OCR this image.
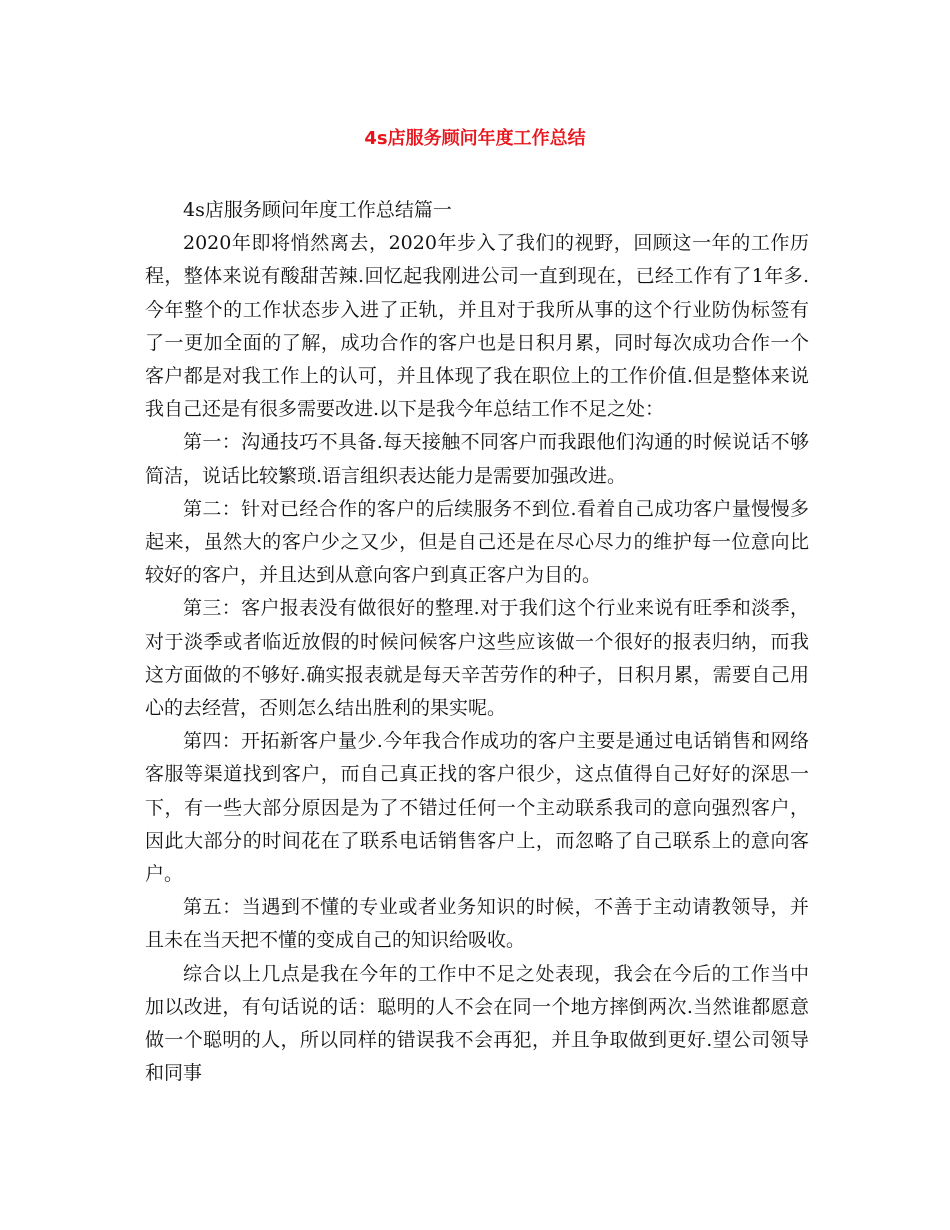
4s店服务顾问年度工作总结

4s店服务顾问年度工作总结篇一

2020年即将悄然离去，2020年步入了我们的视野，回顾这一年的工作历程，整体来说有酸甜苦辣.回忆起我刚进公司一直到现在，已经工作有了1年多.今年整个的工作状态步入进了正轨，并且对于我所从事的这个行业防伪标签有了一更加全面的了解，成功合作的客户也是日积月累，同时每次成功合作一个客户都是对我工作上的认可，并且体现了我在职位上的工作价值.但是整体来说我自己还是有很多需要改进.以下是我今年总结工作不足之处：

第一：沟通技巧不具备.每天接触不同客户而我跟他们沟通的时候说话不够简洁，说话比较繁琐.语言组织表达能力是需要加强改进。

第二：针对已经合作的客户的后续服务不到位.看着自己成功客户量慢慢多起来，虽然大的客户少之又少，但是自己还是在尽心尽力的维护每一位意向比较好的客户，并且达到从意向客户到真正客户为目的。

第三：客户报表没有做很好的整理.对于我们这个行业来说有旺季和淡季，对于淡季或者临近放假的时候问候客户这些应该做一个很好的报表归纳，而我这方面做的不够好.确实报表就是每天辛苦劳作的种子，日积月累，需要自己用心的去经营，否则怎么结出胜利的果实呢。

第四：开拓新客户量少.今年我合作成功的客户主要是通过电话销售和网络客服等渠道找到客户，而自己真正找的客户很少，这点值得自己好好的深思一下，有一些大部分原因是为了不错过任何一个主动联系我司的意向强烈客户，因此大部分的时间花在了联系电话销售客户上，而忽略了自己联系上的意向客户。

第五：当遇到不懂的专业或者业务知识的时候，不善于主动请教领导，并且未在当天把不懂的变成自己的知识给吸收。

综合以上几点是我在今年的工作中不足之处表现，我会在今后的工作当中加以改进，有句话说的话：聪明的人不会在同一个地方摔倒两次.当然谁都愿意做一个聪明的人，所以同样的错误我不会再犯，并且争取做到更好.望公司领导和同事
